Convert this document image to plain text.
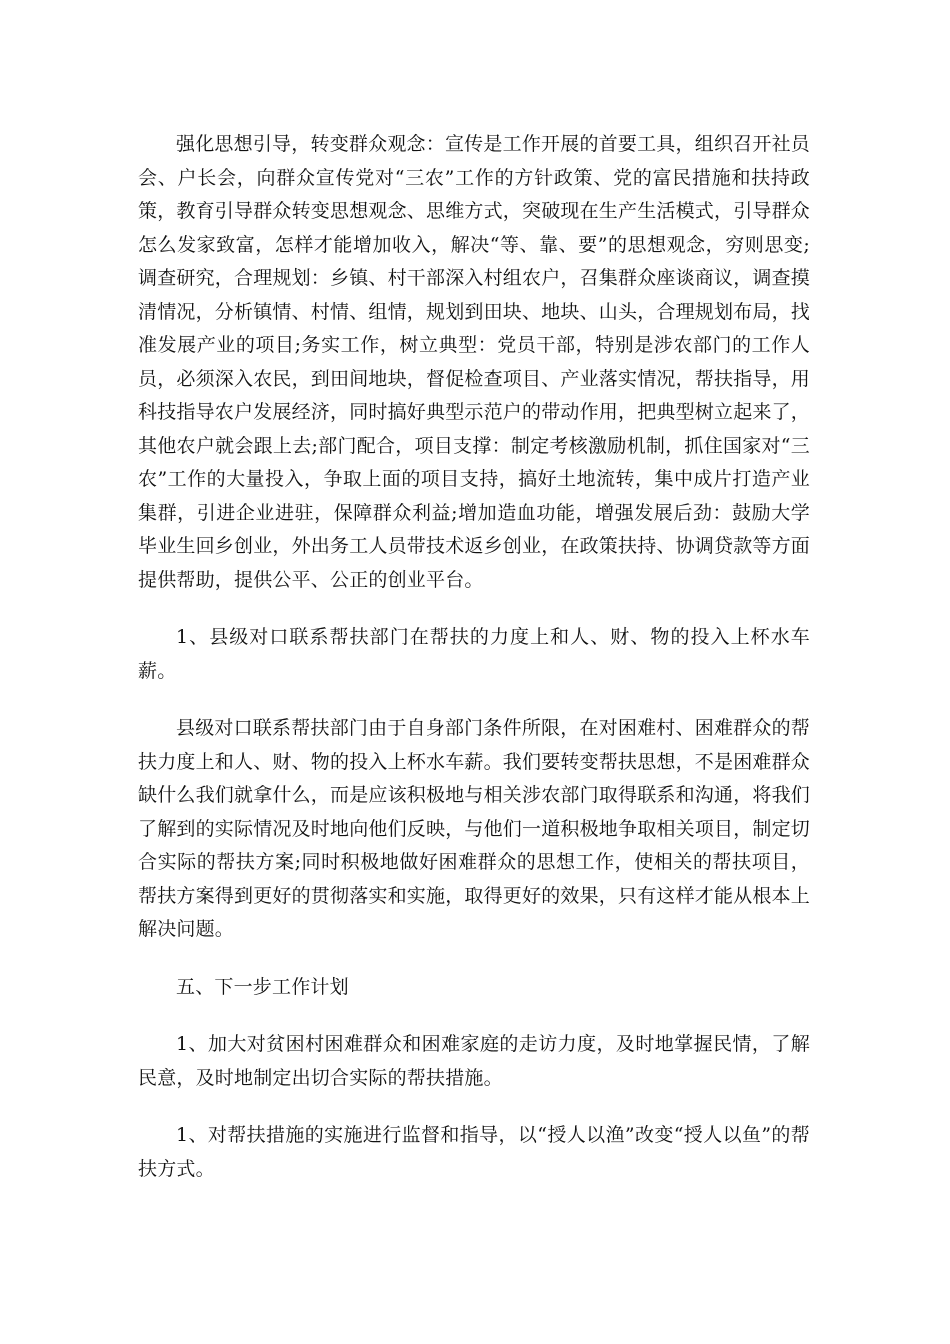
强化思想引导，转变群众观念：宣传是工作开展的首要工具，组织召开社员会、户长会，向群众宣传党对“三农”工作的方针政策、党的富民措施和扶持政策，教育引导群众转变思想观念、思维方式，突破现在生产生活模式，引导群众怎么发家致富，怎样才能增加收入，解决“等、靠、要”的思想观念，穷则思变;调查研究，合理规划：乡镇、村干部深入村组农户，召集群众座谈商议，调查摸清情况，分析镇情、村情、组情，规划到田块、地块、山头，合理规划布局，找准发展产业的项目;务实工作，树立典型：党员干部，特别是涉农部门的工作人员，必须深入农民，到田间地块，督促检查项目、产业落实情况，帮扶指导，用科技指导农户发展经济，同时搞好典型示范户的带动作用，把典型树立起来了，其他农户就会跟上去;部门配合，项目支撑：制定考核激励机制，抓住国家对“三农”工作的大量投入，争取上面的项目支持，搞好土地流转，集中成片打造产业集群，引进企业进驻，保障群众利益;增加造血功能，增强发展后劲：鼓励大学毕业生回乡创业，外出务工人员带技术返乡创业，在政策扶持、协调贷款等方面提供帮助，提供公平、公正的创业平台。

1、县级对口联系帮扶部门在帮扶的力度上和人、财、物的投入上杯水车薪。

县级对口联系帮扶部门由于自身部门条件所限，在对困难村、困难群众的帮扶力度上和人、财、物的投入上杯水车薪。我们要转变帮扶思想，不是困难群众缺什么我们就拿什么，而是应该积极地与相关涉农部门取得联系和沟通，将我们了解到的实际情况及时地向他们反映，与他们一道积极地争取相关项目，制定切合实际的帮扶方案;同时积极地做好困难群众的思想工作，使相关的帮扶项目，帮扶方案得到更好的贯彻落实和实施，取得更好的效果，只有这样才能从根本上解决问题。

五、下一步工作计划

1、加大对贫困村困难群众和困难家庭的走访力度，及时地掌握民情，了解民意，及时地制定出切合实际的帮扶措施。

1、对帮扶措施的实施进行监督和指导，以“授人以渔”改变“授人以鱼”的帮扶方式。
